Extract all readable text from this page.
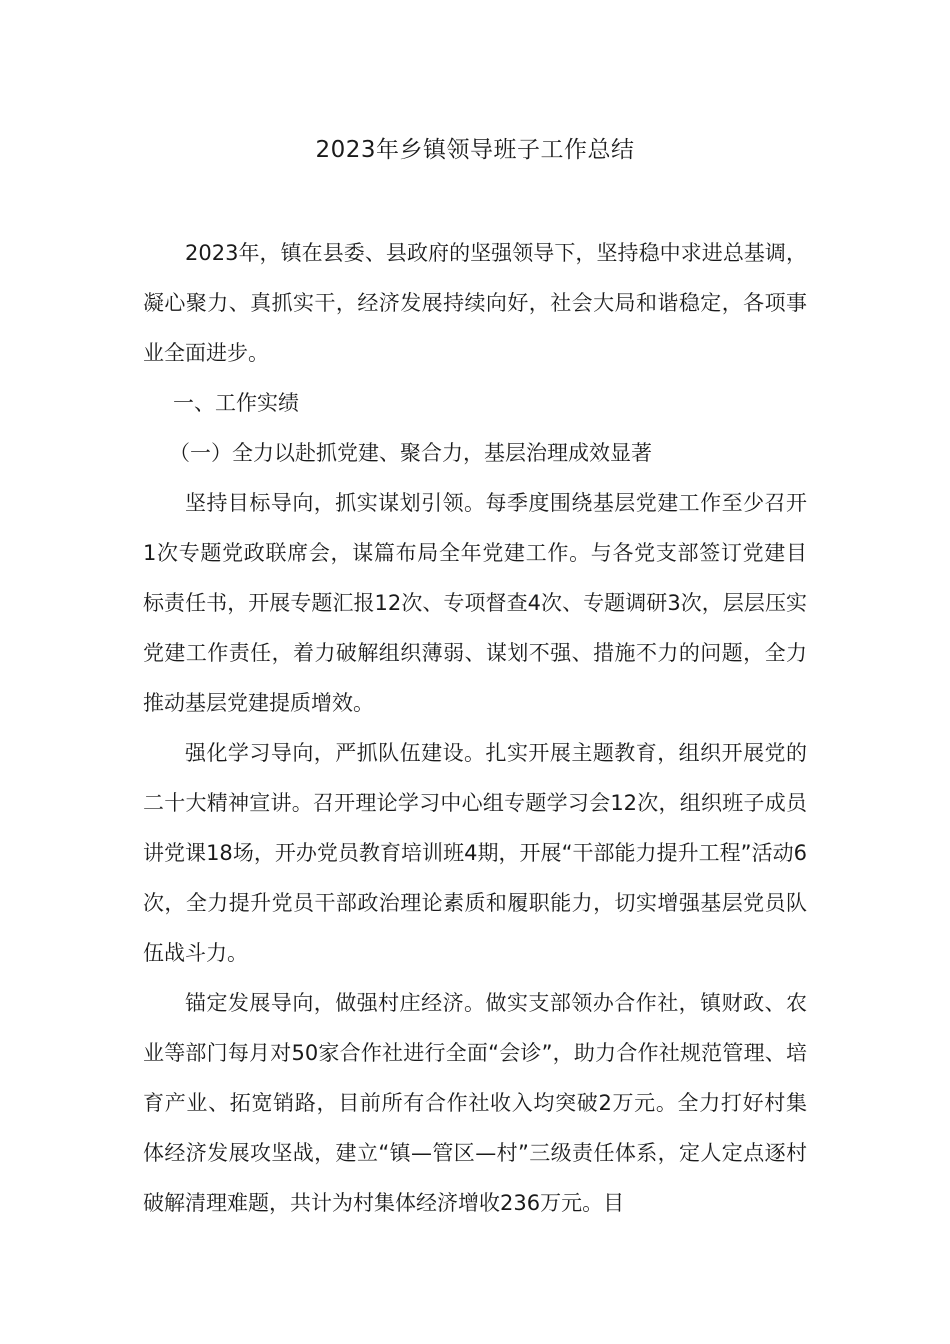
2023年乡镇领导班子工作总结

2023年，镇在县委、县政府的坚强领导下，坚持稳中求进总基调，凝心聚力、真抓实干，经济发展持续向好，社会大局和谐稳定，各项事业全面进步。

一、工作实绩

（一）全力以赴抓党建、聚合力，基层治理成效显著

坚持目标导向，抓实谋划引领。每季度围绕基层党建工作至少召开1次专题党政联席会，谋篇布局全年党建工作。与各党支部签订党建目标责任书，开展专题汇报12次、专项督查4次、专题调研3次，层层压实党建工作责任，着力破解组织薄弱、谋划不强、措施不力的问题，全力推动基层党建提质增效。

强化学习导向，严抓队伍建设。扎实开展主题教育，组织开展党的二十大精神宣讲。召开理论学习中心组专题学习会12次，组织班子成员讲党课18场，开办党员教育培训班4期，开展“干部能力提升工程”活动6次，全力提升党员干部政治理论素质和履职能力，切实增强基层党员队伍战斗力。

锚定发展导向，做强村庄经济。做实支部领办合作社，镇财政、农业等部门每月对50家合作社进行全面“会诊”，助力合作社规范管理、培育产业、拓宽销路，目前所有合作社收入均突破2万元。全力打好村集体经济发展攻坚战，建立“镇—管区—村”三级责任体系，定人定点逐村破解清理难题，共计为村集体经济增收236万元。目
